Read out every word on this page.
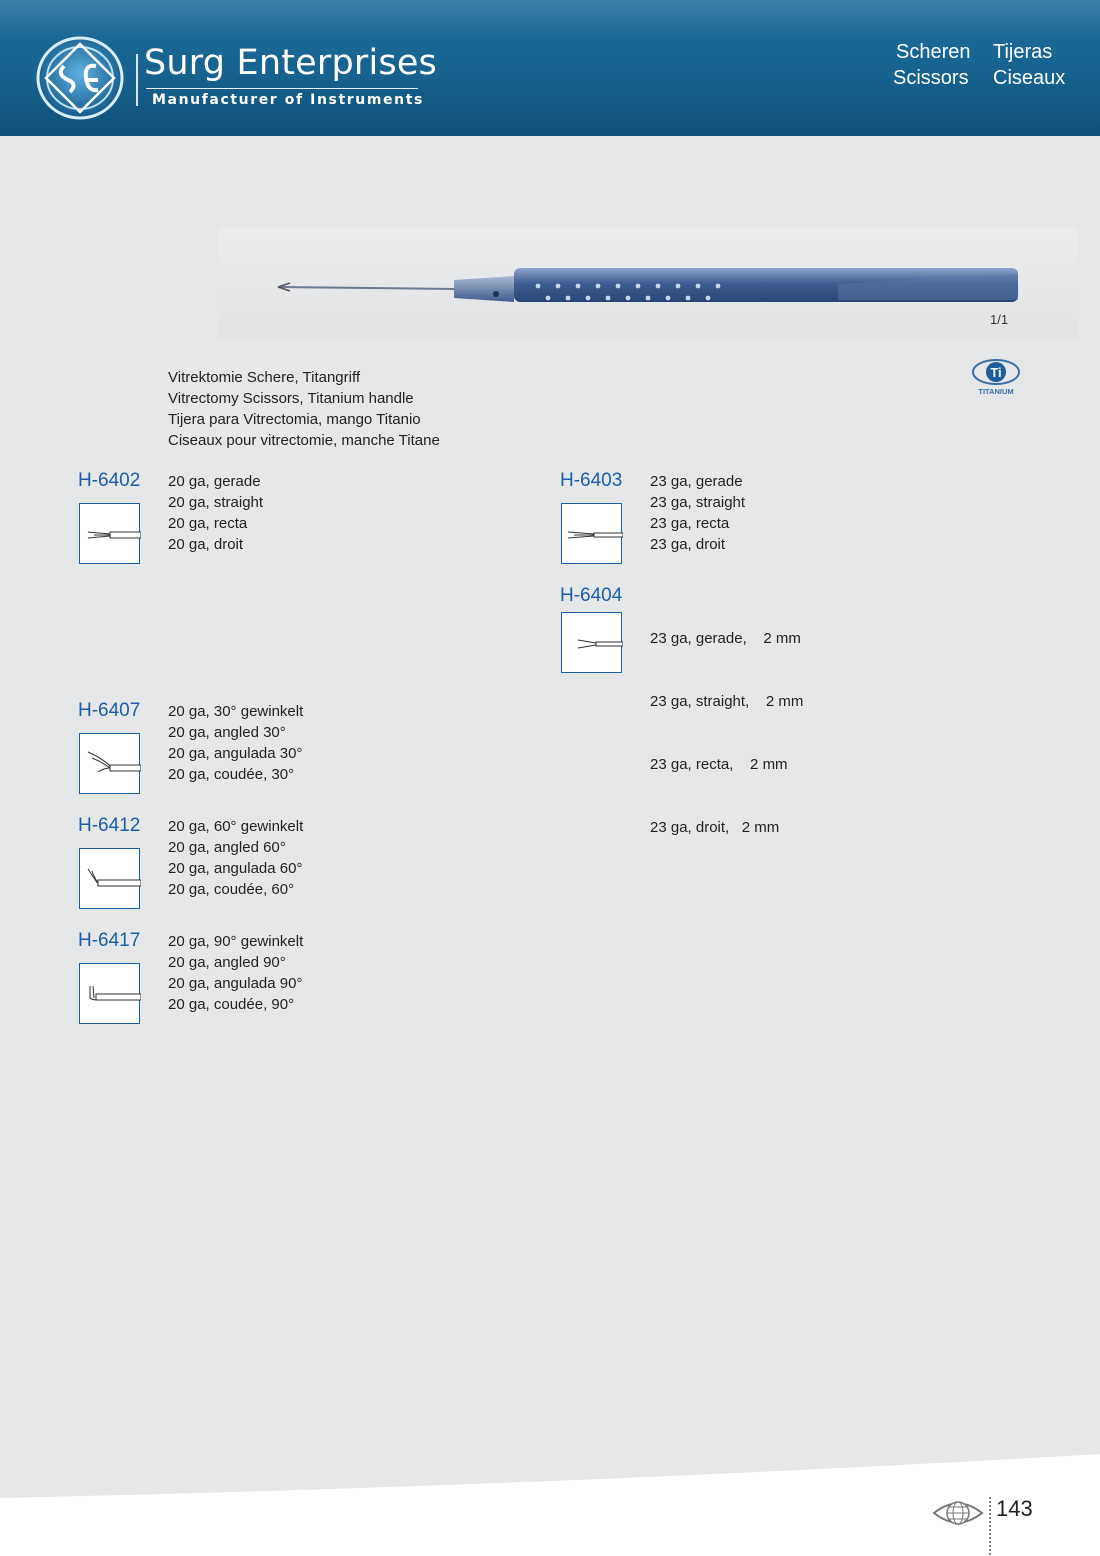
Surg Enterprises
Manufacturer of Instruments
Scheren Tijeras
Scissors Ciseaux
1/1
Vitrektomie Schere, Titangriff
Vitrectomy Scissors, Titanium handle
Tijera para Vitrectomia, mango Titanio
Ciseaux pour vitrectomie, manche Titane
Ti
TITANIUM
H-6402 20 ga, gerade
20 ga, straight
20 ga, recta
20 ga, droit
H-6403 23 ga, gerade
23 ga, straight
23 ga, recta
23 ga, droit
H-6404

23 ga, gerade,    2 mm

23 ga, straight,    2 mm

23 ga, recta,    2 mm

23 ga, droit,   2 mm

H-6407 20 ga, 30° gewinkelt
20 ga, angled 30°
20 ga, angulada 30°
20 ga, coudée, 30°
H-6412 20 ga, 60° gewinkelt
20 ga, angled 60°
20 ga, angulada 60°
20 ga, coudée, 60°
H-6417 20 ga, 90° gewinkelt
20 ga, angled 90°
20 ga, angulada 90°
20 ga, coudée, 90°
143
